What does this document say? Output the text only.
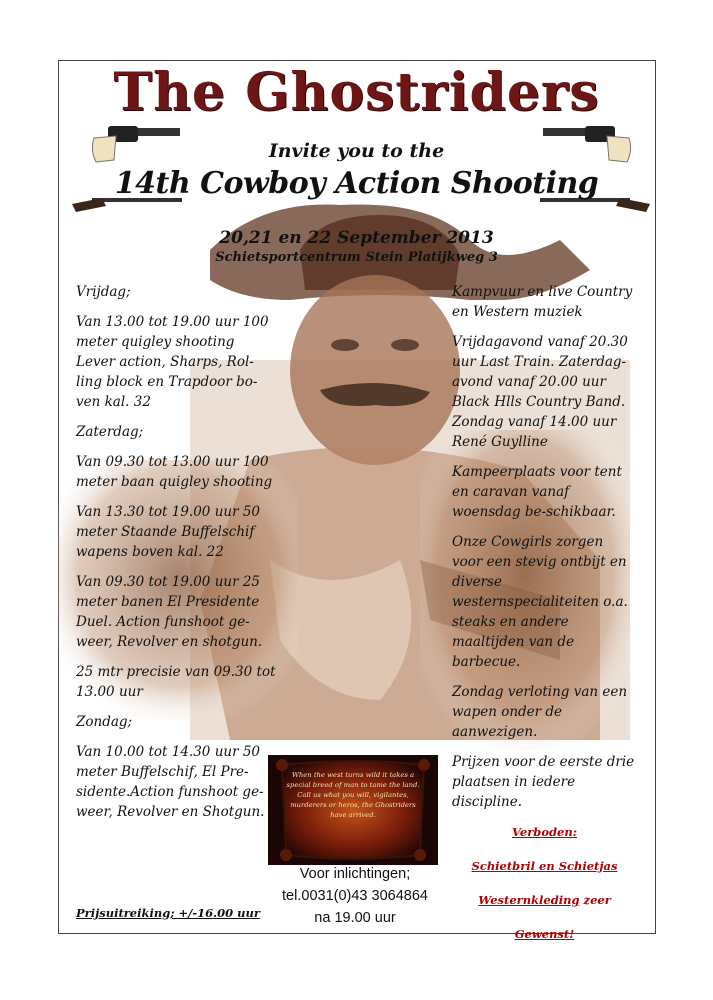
The Ghostriders
Invite you to the
14th Cowboy Action Shooting
20,21 en 22 September 2013
Schietsportcentrum Stein Platijkweg 3

Vrijdag;

Van 13.00 tot 19.00 uur 100 meter quigley shooting Lever action, Sharps, Rol-ling block en Trapdoor bo-ven kal. 32

Zaterdag;

Van 09.30 tot 13.00 uur 100 meter baan quigley shooting

Van 13.30 tot 19.00 uur 50 meter Staande Buffelschif wapens boven kal. 22

Van 09.30 tot 19.00 uur 25 meter banen El Presidente Duel. Action funshoot ge-weer, Revolver en shotgun.

25 mtr precisie van 09.30 tot 13.00 uur

Zondag;

Van 10.00 tot 14.30 uur 50 meter Buffelschif, El Pre-sidente.Action funshoot ge-weer, Revolver en Shotgun.

Prijsuitreiking; +/-16.00 uur

Kampvuur en live Country en Western muziek

Vrijdagavond vanaf 20.30 uur Last Train. Zaterdag-avond vanaf 20.00 uur Black Hlls Country Band. Zondag vanaf 14.00 uur René Guylline

Kampeerplaats voor tent en caravan vanaf woensdag be-schikbaar.

Onze Cowgirls zorgen voor een stevig ontbijt en diverse westernspecialiteiten o.a. steaks en andere maaltijden van de barbecue.

Zondag verloting van een wapen onder de aanwezigen.

Prijzen voor de eerste drie plaatsen in iedere discipline.

Verboden:

Schietbril en Schietjas

Westernkleding zeer

Gewenst!

When the west turns wild it takes a special breed of man to tame the land. Call us what you will, vigilantes, murderers or heros, the Ghostriders have arrived.
Voor inlichtingen;
tel.0031(0)43 3064864
na 19.00 uur
